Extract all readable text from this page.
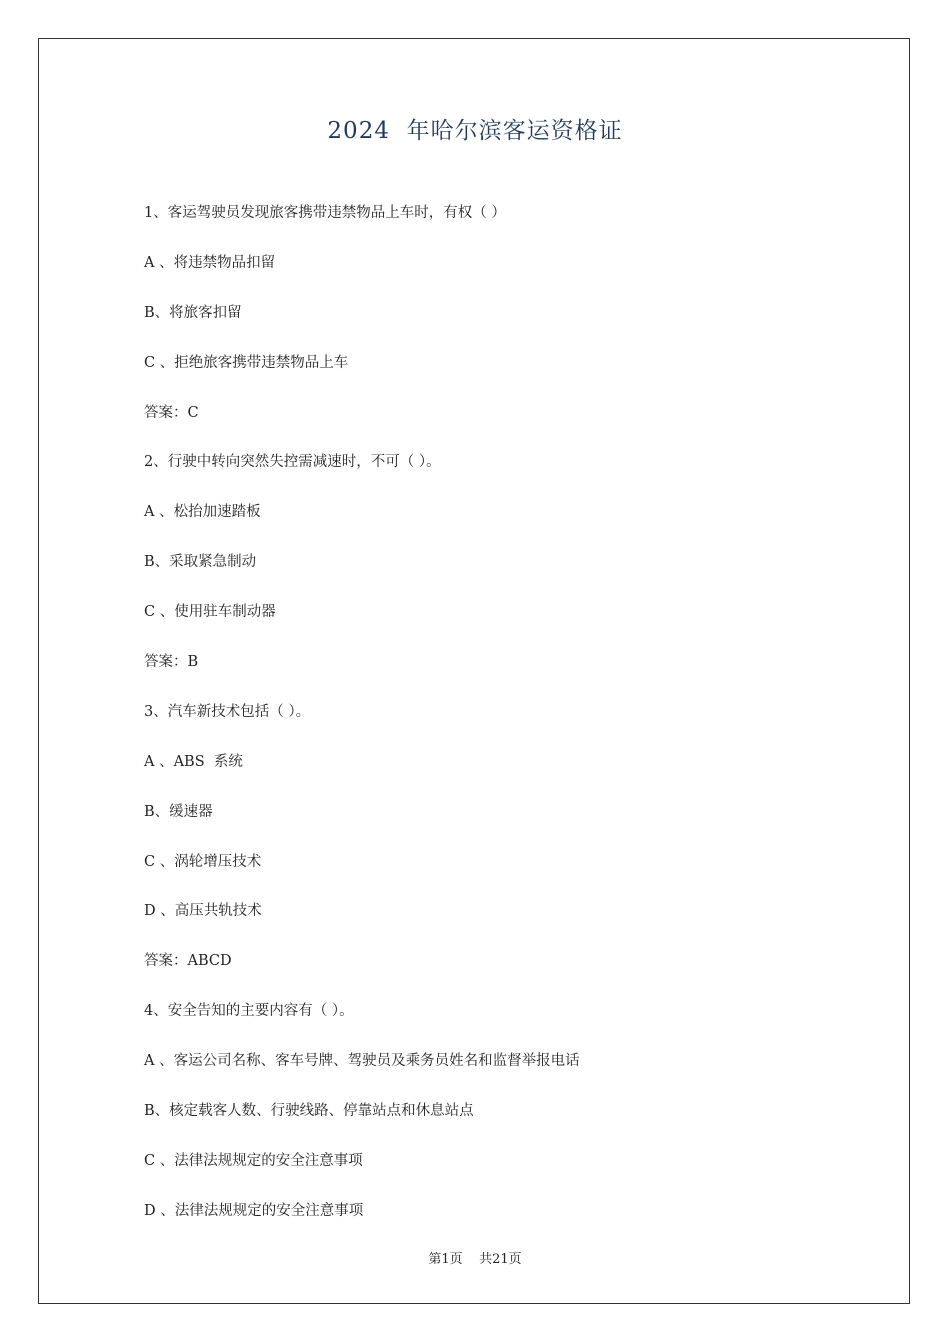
2024  年哈尔滨客运资格证
1、客运驾驶员发现旅客携带违禁物品上车时，有权（ ）
A 、将违禁物品扣留
B、将旅客扣留
C 、拒绝旅客携带违禁物品上车
答案：C
2、行驶中转向突然失控需减速时，不可（ ）。
A 、松抬加速踏板
B、采取紧急制动
C 、使用驻车制动器
答案：B
3、汽车新技术包括（ ）。
A 、ABS  系统
B、缓速器
C 、涡轮增压技术
D 、高压共轨技术
答案：ABCD
4、安全告知的主要内容有（ ）。
A 、客运公司名称、客车号牌、驾驶员及乘务员姓名和监督举报电话
B、核定载客人数、行驶线路、停靠站点和休息站点
C 、法律法规规定的安全注意事项
D 、法律法规规定的安全注意事项
第1页    共21页
